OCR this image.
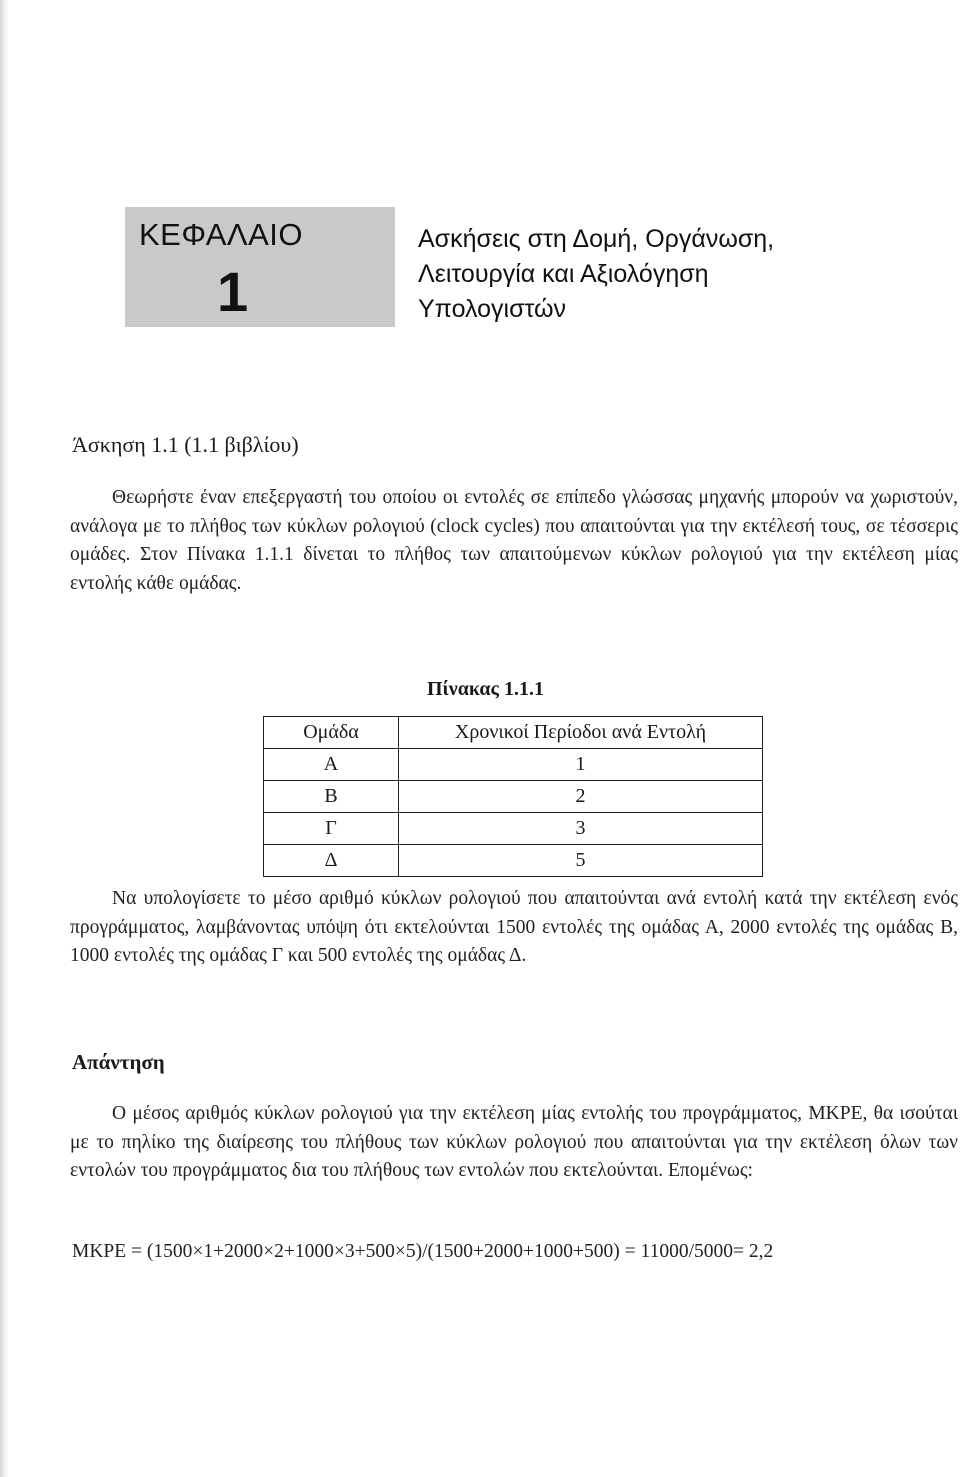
ΚΕΦΑΛΑΙΟ
1
Ασκήσεις στη Δομή, Οργάνωση,
Λειτουργία και Αξιολόγηση
Υπολογιστών
Άσκηση 1.1 (1.1 βιβλίου)
Θεωρήστε έναν επεξεργαστή του οποίου οι εντολές σε επίπεδο γλώσσας μηχανής μπορούν να χωριστούν, ανάλογα με το πλήθος των κύκλων ρολογιού (clock cycles) που απαιτούνται για την εκτέλεσή τους, σε τέσσερις ομάδες. Στον Πίνακα 1.1.1 δίνεται το πλήθος των απαιτούμενων κύκλων ρολογιού για την εκτέλεση μίας εντολής κάθε ομάδας.
Πίνακας 1.1.1
Ομάδα	Χρονικοί Περίοδοι ανά Εντολή
Α	1
Β	2
Γ	3
Δ	5
Να υπολογίσετε το μέσο αριθμό κύκλων ρολογιού που απαιτούνται ανά εντολή κατά την εκτέλεση ενός προγράμματος, λαμβάνοντας υπόψη ότι εκτελούνται 1500 εντολές της ομάδας Α, 2000 εντολές της ομάδας Β, 1000 εντολές της ομάδας Γ και 500 εντολές της ομάδας Δ.
Απάντηση
Ο μέσος αριθμός κύκλων ρολογιού για την εκτέλεση μίας εντολής του προγράμματος, ΜΚΡΕ, θα ισούται με το πηλίκο της διαίρεσης του πλήθους των κύκλων ρολογιού που απαιτούνται για την εκτέλεση όλων των εντολών του προγράμματος δια του πλήθους των εντολών που εκτελούνται. Επομένως:
ΜΚΡΕ = (1500×1+2000×2+1000×3+500×5)/(1500+2000+1000+500) = 11000/5000= 2,2
